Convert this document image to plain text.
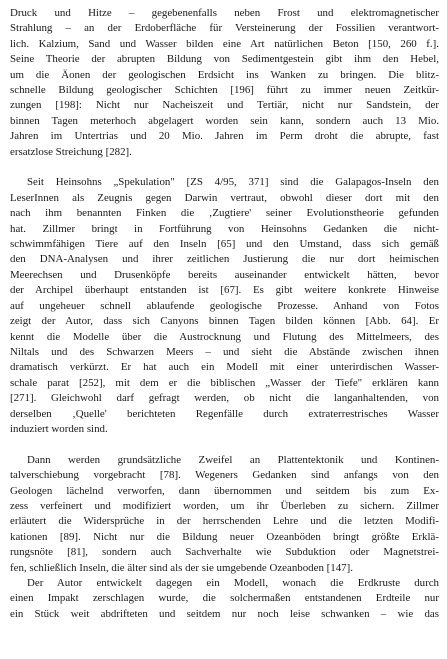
Druck und Hitze – gegebenenfalls neben Frost und elektromagnetischer
Strahlung – an der Erdoberfläche für Versteinerung der Fossilien verantwort-
lich. Kalzium, Sand und Wasser bilden eine Art natürlichen Beton [150, 260 f.].
Seine Theorie der abrupten Bildung von Sedimentgestein gibt ihm den Hebel,
um die Äonen der geologischen Erdsicht ins Wanken zu bringen. Die blitz-
schnelle Bildung geologischer Schichten [196] führt zu immer neuen Zeitkür-
zungen [198]: Nicht nur Nacheiszeit und Tertiär, nicht nur Sandstein, der
binnen Tagen meterhoch abgelagert worden sein kann, sondern auch 13 Mio.
Jahren im Untertrias und 20 Mio. Jahren im Perm droht die abrupte, fast
ersatzlose Streichung [282].
Seit Heinsohns „Spekulation" [ZS 4/95, 371] sind die Galapagos-Inseln den
LeserInnen als Zeugnis gegen Darwin vertraut, obwohl dieser dort mit den
nach ihm benannten Finken die ‚Zugtiere' seiner Evolutionstheorie gefunden
hat. Zillmer bringt in Fortführung von Heinsohns Gedanken die nicht-
schwimmfähigen Tiere auf den Inseln [65] und den Umstand, dass sich gemäß
den DNA-Analysen und ihrer zeitlichen Justierung die nur dort heimischen
Meerechsen und Drusenköpfe bereits auseinander entwickelt hätten, bevor
der Archipel überhaupt entstanden ist [67]. Es gibt weitere konkrete Hinweise
auf ungeheuer schnell ablaufende geologische Prozesse. Anhand von Fotos
zeigt der Autor, dass sich Canyons binnen Tagen bilden können [Abb. 64]. Er
kennt die Modelle über die Austrocknung und Flutung des Mittelmeers, des
Niltals und des Schwarzen Meers – und sieht die Abstände zwischen ihnen
dramatisch verkürzt. Er hat auch ein Modell mit einer unterirdischen Wasser-
schale parat [252], mit dem er die biblischen „Wasser der Tiefe" erklären kann
[271]. Gleichwohl darf gefragt werden, ob nicht die langanhaltenden, von
derselben ‚Quelle' berichteten Regenfälle durch extraterrestrisches Wasser
induziert worden sind.
Dann werden grundsätzliche Zweifel an Plattentektonik und Kontinen-
talverschiebung vorgebracht [78]. Wegeners Gedanken sind anfangs von den
Geologen lächelnd verworfen, dann übernommen und seitdem bis zum Ex-
zess verfeinert und modifiziert worden, um ihr Überleben zu sichern. Zillmer
erläutert die Widersprüche in der herrschenden Lehre und die letzten Modifi-
kationen [89]. Nicht nur die Bildung neuer Ozeanböden bringt größte Erklä-
rungsnöte [81], sondern auch Sachverhalte wie Subduktion oder Magnetstrei-
fen, schließlich Inseln, die älter sind als der sie umgebende Ozeanboden [147].
Der Autor entwickelt dagegen ein Modell, wonach die Erdkruste durch
einen Impakt zerschlagen wurde, die solchermaßen entstandenen Erdteile nur
ein Stück weit abdrifteten und seitdem nur noch leise schwanken – wie das
